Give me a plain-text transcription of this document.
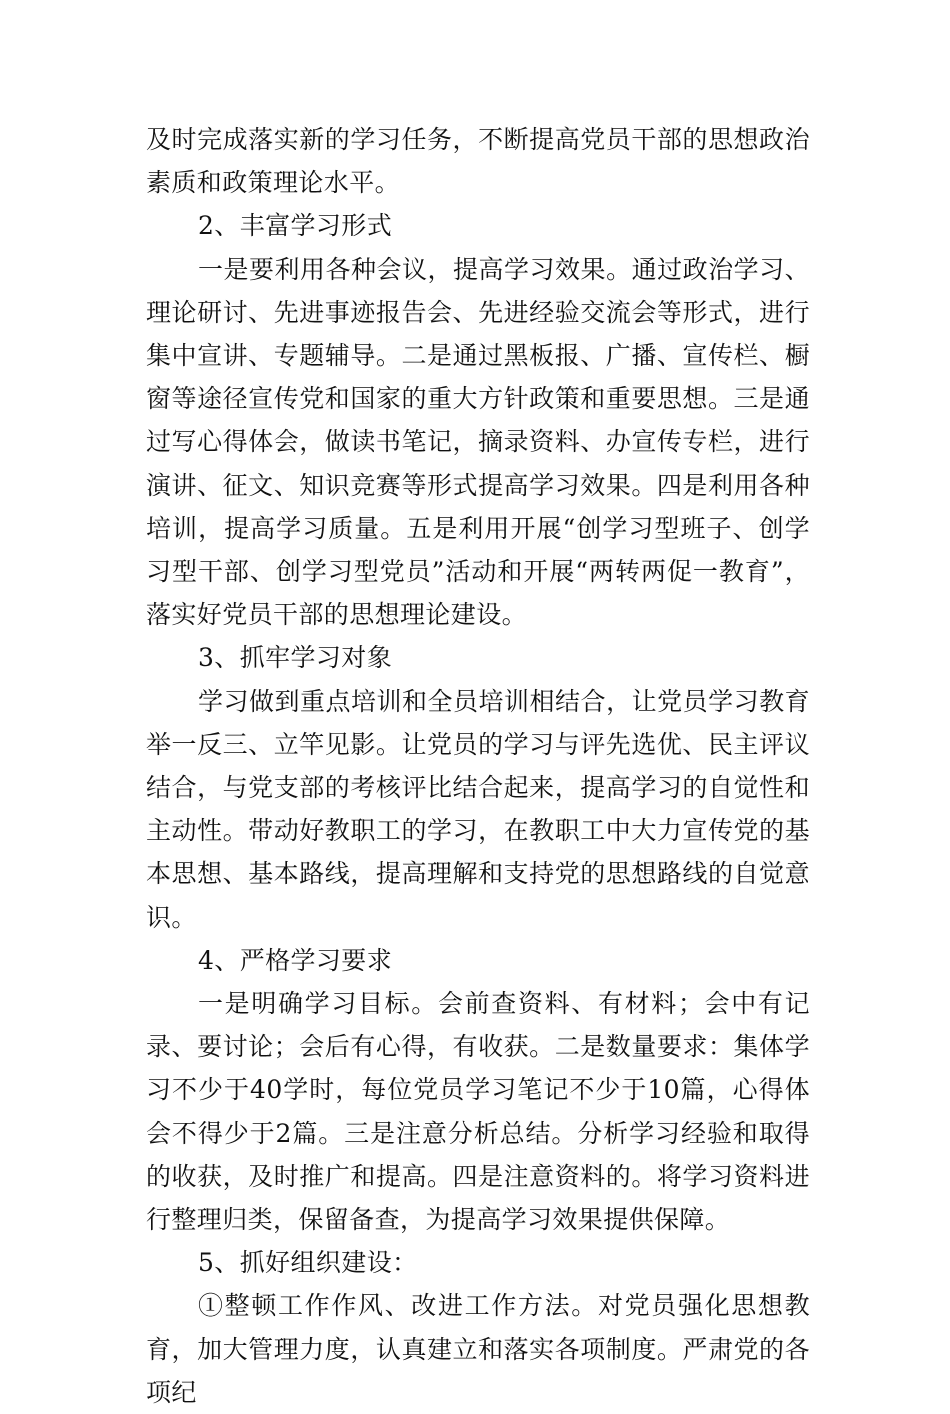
及时完成落实新的学习任务，不断提高党员干部的思想政治素质和政策理论水平。

2、丰富学习形式

一是要利用各种会议，提高学习效果。通过政治学习、理论研讨、先进事迹报告会、先进经验交流会等形式，进行集中宣讲、专题辅导。二是通过黑板报、广播、宣传栏、橱窗等途径宣传党和国家的重大方针政策和重要思想。三是通过写心得体会，做读书笔记，摘录资料、办宣传专栏，进行演讲、征文、知识竞赛等形式提高学习效果。四是利用各种培训，提高学习质量。五是利用开展“创学习型班子、创学习型干部、创学习型党员”活动和开展“两转两促一教育”，落实好党员干部的思想理论建设。

3、抓牢学习对象

学习做到重点培训和全员培训相结合，让党员学习教育举一反三、立竿见影。让党员的学习与评先选优、民主评议结合，与党支部的考核评比结合起来，提高学习的自觉性和主动性。带动好教职工的学习，在教职工中大力宣传党的基本思想、基本路线，提高理解和支持党的思想路线的自觉意识。

4、严格学习要求

一是明确学习目标。会前查资料、有材料；会中有记录、要讨论；会后有心得，有收获。二是数量要求：集体学习不少于40学时，每位党员学习笔记不少于10篇，心得体会不得少于2篇。三是注意分析总结。分析学习经验和取得的收获，及时推广和提高。四是注意资料的。将学习资料进行整理归类，保留备查，为提高学习效果提供保障。

5、抓好组织建设：

①整顿工作作风、改进工作方法。对党员强化思想教育，加大管理力度，认真建立和落实各项制度。严肃党的各项纪
